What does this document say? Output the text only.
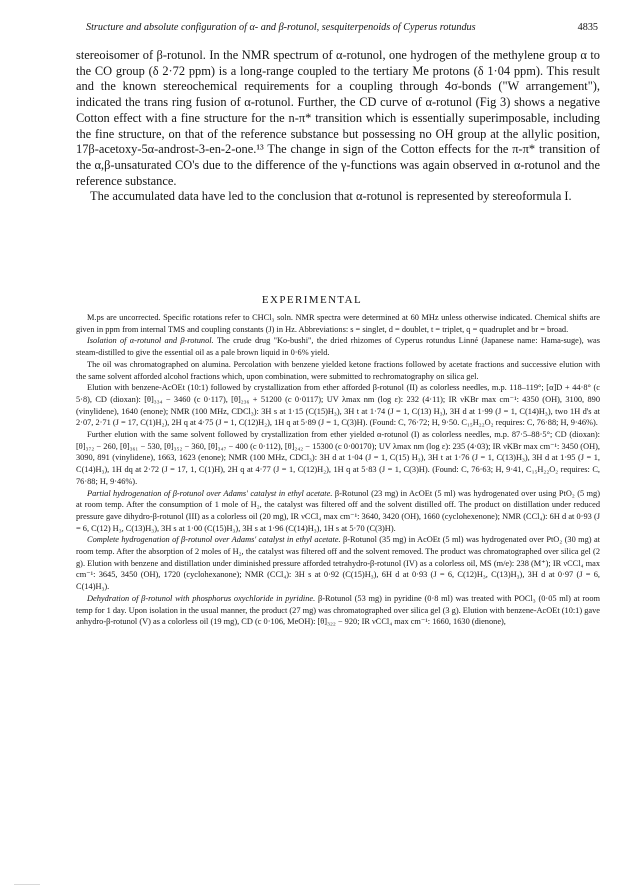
Structure and absolute configuration of α- and β-rotunol, sesquiterpenoids of Cyperus rotundus	4835

stereoisomer of β-rotunol. In the NMR spectrum of α-rotunol, one hydrogen of the methylene group α to the CO group (δ 2·72 ppm) is a long-range coupled to the tertiary Me protons (δ 1·04 ppm). This result and the known stereochemical requirements for a coupling through 4σ-bonds ("W arrangement"), indicated the trans ring fusion of α-rotunol. Further, the CD curve of α-rotunol (Fig 3) shows a negative Cotton effect with a fine structure for the n-π* transition which is essentially superimposable, including the fine structure, on that of the reference substance but possessing no OH group at the allylic position, 17β-acetoxy-5α-androst-3-en-2-one.¹³ The change in sign of the Cotton effects for the π-π* transition of the α,β-unsaturated CO's due to the difference of the γ-functions was again observed in α-rotunol and the reference substance.

The accumulated data have led to the conclusion that α-rotunol is represented by stereoformula I.

EXPERIMENTAL

M.ps are uncorrected. Specific rotations refer to CHCl₃ soln. NMR spectra were determined at 60 MHz unless otherwise indicated. Chemical shifts are given in ppm from internal TMS and coupling constants (J) in Hz. Abbreviations: s = singlet, d = doublet, t = triplet, q = quadruplet and br = broad.

Isolation of α-rotunol and β-rotunol. The crude drug "Ko-bushi", the dried rhizomes of Cyperus rotundus Linné (Japanese name: Hama-suge), was steam-distilled to give the essential oil as a pale brown liquid in 0·6% yield.

The oil was chromatographed on alumina. Percolation with benzene yielded ketone fractions followed by acetate fractions and successive elution with the same solvent afforded alcohol fractions which, upon combination, were submitted to rechromatography on silica gel.

Elution with benzene-AcOEt (10:1) followed by crystallization from ether afforded β-rotunol (II) as colorless needles, m.p. 118–119°; [α]D + 44·8° (c 5·8), CD (dioxan): [θ]₃₃₄ − 3460 (c 0·117), [θ]₂₃₆ + 51200 (c 0·0117); UV λmax nm (log ε): 232 (4·11); IR νKBr max cm⁻¹: 4350 (OH), 3100, 890 (vinylidene), 1640 (enone); NMR (100 MHz, CDCl₃): 3H s at 1·15 (C(15)H₃), 3H t at 1·74 (J = 1, C(13) H₃), 3H d at 1·99 (J = 1, C(14)H₃), two 1H d's at 2·07, 2·71 (J = 17, C(1)H₂), 2H q at 4·75 (J = 1, C(12)H₂), 1H q at 5·89 (J = 1, C(3)H). (Found: C, 76·72; H, 9·50. C₁₅H₂₂O₂ requires: C, 76·88; H, 9·46%).

Further elution with the same solvent followed by crystallization from ether yielded α-rotunol (I) as colorless needles, m.p. 87·5–88·5°; CD (dioxan): [θ]₃₇₂ − 260, [θ]₃₆₁ − 530, [θ]₃₅₂ − 360, [θ]₃₄₇ − 400 (c 0·112), [θ]₂₄₂ − 15300 (c 0·00170); UV λmax nm (log ε): 235 (4·03); IR νKBr max cm⁻¹: 3450 (OH), 3090, 891 (vinylidene), 1663, 1623 (enone); NMR (100 MHz, CDCl₃): 3H d at 1·04 (J = 1, C(15) H₃), 3H t at 1·76 (J = 1, C(13)H₃), 3H d at 1·95 (J = 1, C(14)H₃), 1H dq at 2·72 (J = 17, 1, C(1)H), 2H q at 4·77 (J = 1, C(12)H₂), 1H q at 5·83 (J = 1, C(3)H). (Found: C, 76·63; H, 9·41, C₁₅H₂₂O₂ requires: C, 76·88; H, 9·46%).

Partial hydrogenation of β-rotunol over Adams' catalyst in ethyl acetate. β-Rotunol (23 mg) in AcOEt (5 ml) was hydrogenated over using PtO₂ (5 mg) at room temp. After the consumption of 1 mole of H₂, the catalyst was filtered off and the solvent distilled off. The product on distillation under reduced pressure gave dihydro-β-rotunol (III) as a colorless oil (20 mg), IR νCCl₄ max cm⁻¹: 3640, 3420 (OH), 1660 (cyclohexenone); NMR (CCl₄): 6H d at 0·93 (J = 6, C(12) H₃, C(13)H₃), 3H s at 1·00 (C(15)H₃), 3H s at 1·96 (C(14)H₃), 1H s at 5·70 (C(3)H).

Complete hydrogenation of β-rotunol over Adams' catalyst in ethyl acetate. β-Rotunol (35 mg) in AcOEt (5 ml) was hydrogenated over PtO₂ (30 mg) at room temp. After the absorption of 2 moles of H₂, the catalyst was filtered off and the solvent removed. The product was chromatographed over silica gel (2 g). Elution with benzene and distillation under diminished pressure afforded tetrahydro-β-rotunol (IV) as a colorless oil, MS (m/e): 238 (M⁺); IR νCCl₄ max cm⁻¹: 3645, 3450 (OH), 1720 (cyclohexanone); NMR (CCl₄): 3H s at 0·92 (C(15)H₃), 6H d at 0·93 (J = 6, C(12)H₃, C(13)H₃), 3H d at 0·97 (J = 6, C(14)H₃).

Dehydration of β-rotunol with phosphorus oxychloride in pyridine. β-Rotunol (53 mg) in pyridine (0·8 ml) was treated with POCl₃ (0·05 ml) at room temp for 1 day. Upon isolation in the usual manner, the product (27 mg) was chromatographed over silica gel (3 g). Elution with benzene-AcOEt (10:1) gave anhydro-β-rotunol (V) as a colorless oil (19 mg), CD (c 0·106, MeOH): [θ]₃₂₂ − 920; IR νCCl₄ max cm⁻¹: 1660, 1630 (dienone),
